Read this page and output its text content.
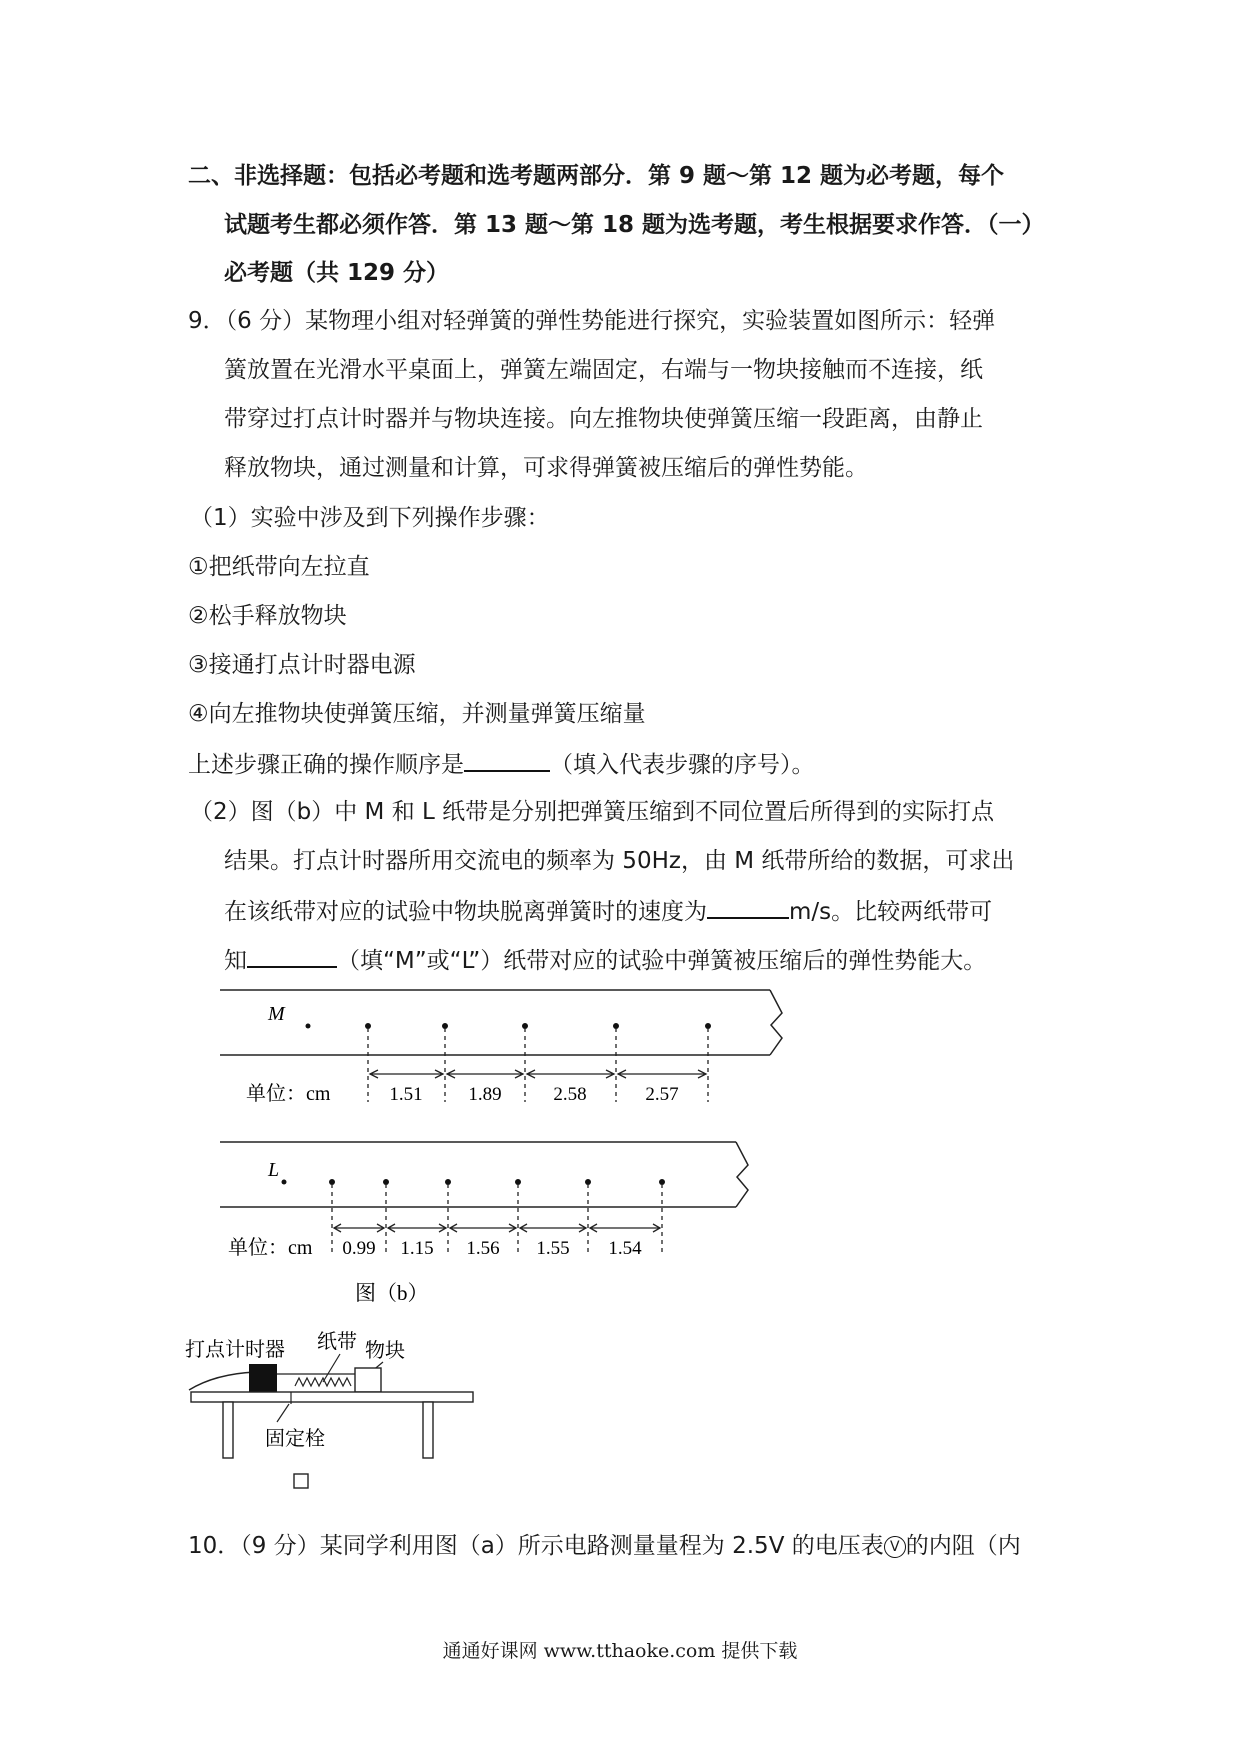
二、非选择题：包括必考题和选考题两部分．第 9 题～第 12 题为必考题，每个
试题考生都必须作答．第 13 题～第 18 题为选考题，考生根据要求作答．（一）
必考题（共 129 分）
9．（6 分）某物理小组对轻弹簧的弹性势能进行探究，实验装置如图所示：轻弹
簧放置在光滑水平桌面上，弹簧左端固定，右端与一物块接触而不连接，纸
带穿过打点计时器并与物块连接。向左推物块使弹簧压缩一段距离，由静止
释放物块，通过测量和计算，可求得弹簧被压缩后的弹性势能。
（1）实验中涉及到下列操作步骤：
①把纸带向左拉直
②松手释放物块
③接通打点计时器电源
④向左推物块使弹簧压缩，并测量弹簧压缩量
上述步骤正确的操作顺序是	（填入代表步骤的序号）。
（2）图（b）中 M 和 L 纸带是分别把弹簧压缩到不同位置后所得到的实际打点
结果。打点计时器所用交流电的频率为 50Hz，由 M 纸带所给的数据，可求出
在该纸带对应的试验中物块脱离弹簧时的速度为	m/s。比较两纸带可
知	（填“M”或“L”）纸带对应的试验中弹簧被压缩后的弹性势能大。
M
单位：cm	1.51 1.89	2.58	2.57
L
单位：cm 0.99 1.15 1.56 1.55 1.54
图（b）
打点计时器 纸带 物块
固定栓
10．（9 分）某同学利用图（a）所示电路测量量程为 2.5V 的电压表 V 的内阻（内
通通好课网 www.tthaoke.com 提供下载
